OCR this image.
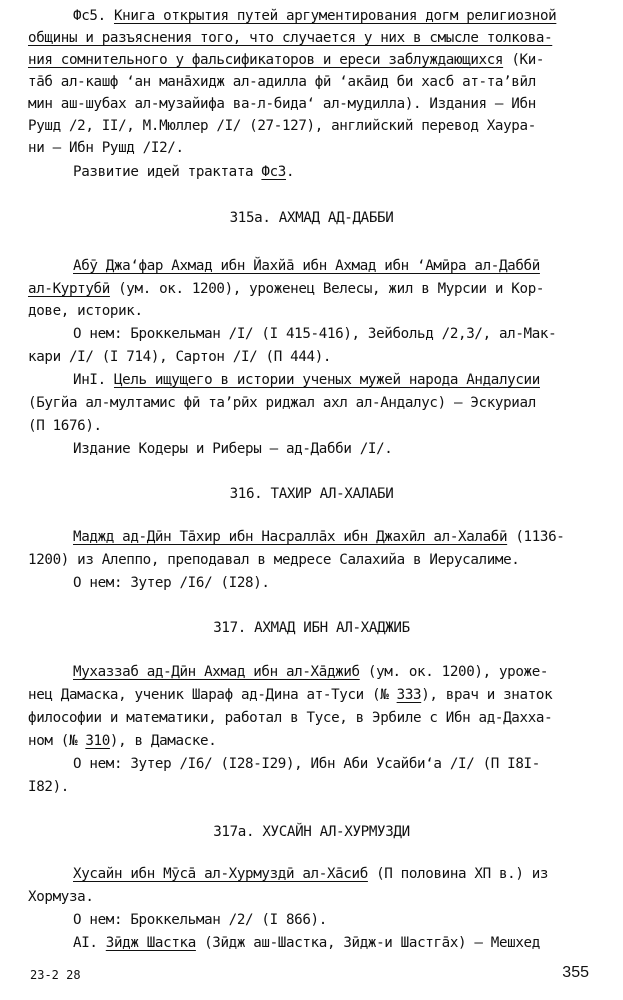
Фс5. Книга открытия путей аргументирования догм религиозной
общины и разъяснения того, что случается у них в смысле толкова-
ния сомнительного у фальсификаторов и ереси заблуждающихся (Ки-
та̄б ал-кашф ʻан мана̄хидж ал-адилла фӣ ʻака̄ид би хасб ат-таʼвӣл
мин аш-шубах ал-музайифа ва-л-бидаʻ ал-мудилла). Издания – Ибн
Рушд /2, II/, М.Мюллер /I/ (27-127), английский перевод Хаура-
ни – Ибн Рушд /I2/.
Развитие идей трактата Фс3.
315а. АХМАД АД-ДАББИ
Абӯ Джаʻфар Ахмад ибн Йахйа̄ ибн Ахмад ибн ʻАмӣра ал-Даббӣ
ал-Куртубӣ (ум. ок. 1200), уроженец Велесы, жил в Мурсии и Кор-
дове, историк.
О нем: Броккельман /I/ (I 415-416), Зейбольд /2,3/, ал-Мак-
кари /I/ (I 714), Сартон /I/ (П 444).
ИнI. Цель ищущего в истории ученых мужей народа Андалусии
(Бугйа ал-мултамис фӣ таʼрӣх риджал ахл ал-Андалус) – Эскуриал
(П 1676).
Издание Кодеры и Риберы – ад-Дабби /I/.
316. ТАХИР АЛ-ХАЛАБИ
Маджд ад-Дӣн Та̄хир ибн Насралла̄х ибн Джахӣл ал-Халабӣ (1136-
1200) из Алеппо, преподавал в медресе Салахийа в Иерусалиме.
О нем: Зутер /I6/ (I28).
317. АХМАД ИБН АЛ-ХАДЖИБ
Мухаззаб ад-Дӣн Ахмад ибн ал-Ха̄джиб (ум. ок. 1200), уроже-
нец Дамаска, ученик Шараф ад-Дина ат-Туси (№ 333), врач и знаток
философии и математики, работал в Тусе, в Эрбиле с Ибн ад-Дахха-
ном (№ 310), в Дамаске.
О нем: Зутер /I6/ (I28-I29), Ибн Аби Усайбиʻа /I/ (П I8I-
I82).
317а. ХУСАЙН АЛ-ХУРМУЗДИ
Хусайн ибн Мӯса̄ ал-Хурмуздӣ ал-Ха̄сиб (П половина XП в.) из
Хормуза.
О нем: Броккельман /2/ (I 866).
АI. Зӣдж Шастка (Зӣдж аш-Шастка, Зӣдж-и Шастга̄х) – Мешхед
23-2 28	355
